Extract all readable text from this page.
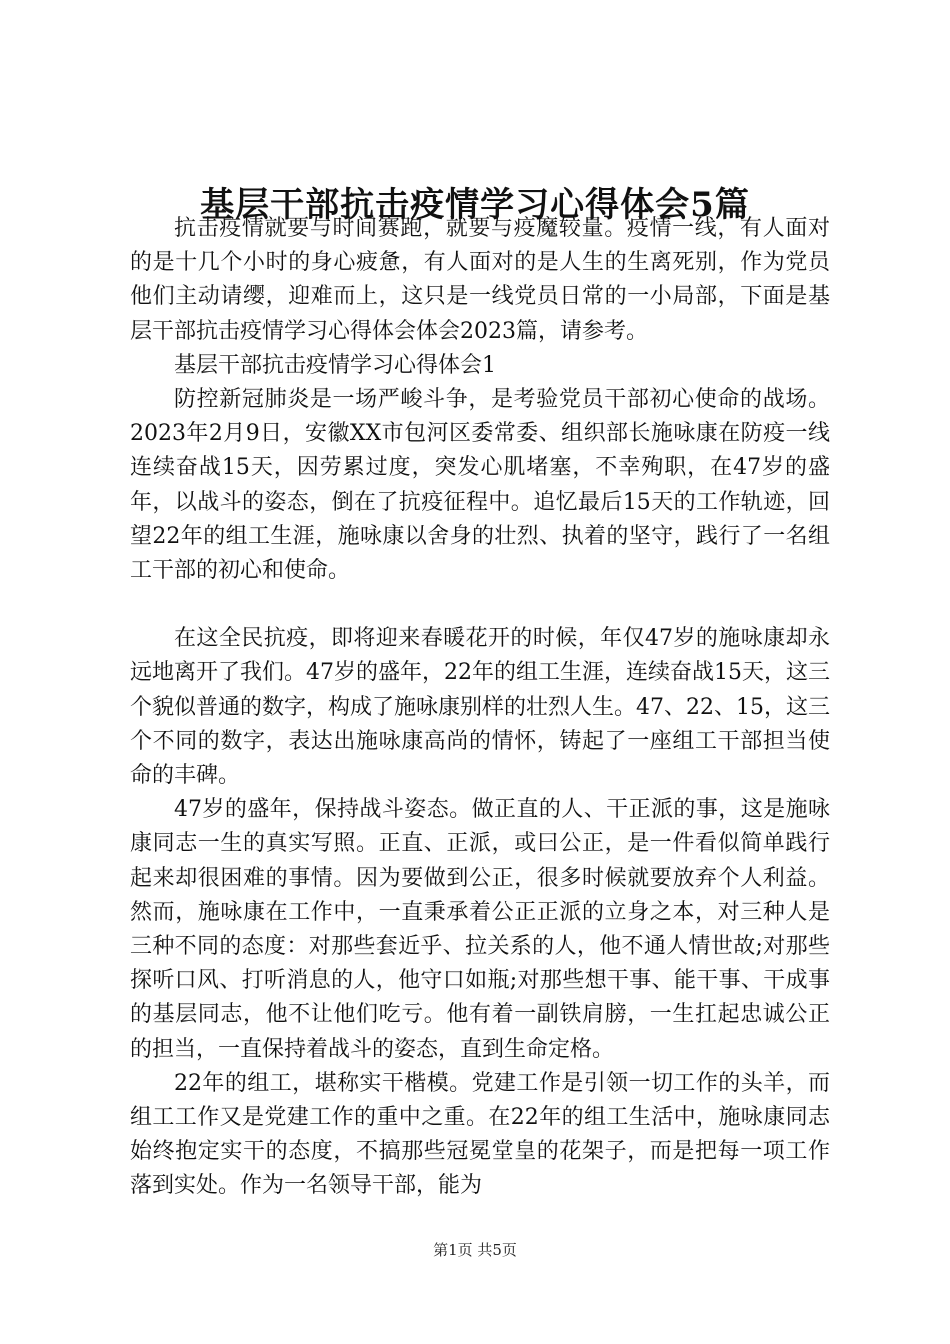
基层干部抗击疫情学习心得体会5篇

抗击疫情就要与时间赛跑，就要与疫魔较量。疫情一线，有人面对的是十几个小时的身心疲惫，有人面对的是人生的生离死别，作为党员他们主动请缨，迎难而上，这只是一线党员日常的一小局部，下面是基层干部抗击疫情学习心得体会体会2023篇，请参考。

基层干部抗击疫情学习心得体会1

防控新冠肺炎是一场严峻斗争，是考验党员干部初心使命的战场。2023年2月9日，安徽XX市包河区委常委、组织部长施咏康在防疫一线连续奋战15天，因劳累过度，突发心肌堵塞，不幸殉职，在47岁的盛年，以战斗的姿态，倒在了抗疫征程中。追忆最后15天的工作轨迹，回望22年的组工生涯，施咏康以舍身的壮烈、执着的坚守，践行了一名组工干部的初心和使命。

在这全民抗疫，即将迎来春暖花开的时候，年仅47岁的施咏康却永远地离开了我们。47岁的盛年，22年的组工生涯，连续奋战15天，这三个貌似普通的数字，构成了施咏康别样的壮烈人生。47、22、15，这三个不同的数字，表达出施咏康高尚的情怀，铸起了一座组工干部担当使命的丰碑。

47岁的盛年，保持战斗姿态。做正直的人、干正派的事，这是施咏康同志一生的真实写照。正直、正派，或曰公正，是一件看似简单践行起来却很困难的事情。因为要做到公正，很多时候就要放弃个人利益。然而，施咏康在工作中，一直秉承着公正正派的立身之本，对三种人是三种不同的态度：对那些套近乎、拉关系的人，他不通人情世故;对那些探听口风、打听消息的人，他守口如瓶;对那些想干事、能干事、干成事的基层同志，他不让他们吃亏。他有着一副铁肩膀，一生扛起忠诚公正的担当，一直保持着战斗的姿态，直到生命定格。

22年的组工，堪称实干楷模。党建工作是引领一切工作的头羊，而组工工作又是党建工作的重中之重。在22年的组工生活中，施咏康同志始终抱定实干的态度，不搞那些冠冕堂皇的花架子，而是把每一项工作落到实处。作为一名领导干部，能为

第1页 共5页
